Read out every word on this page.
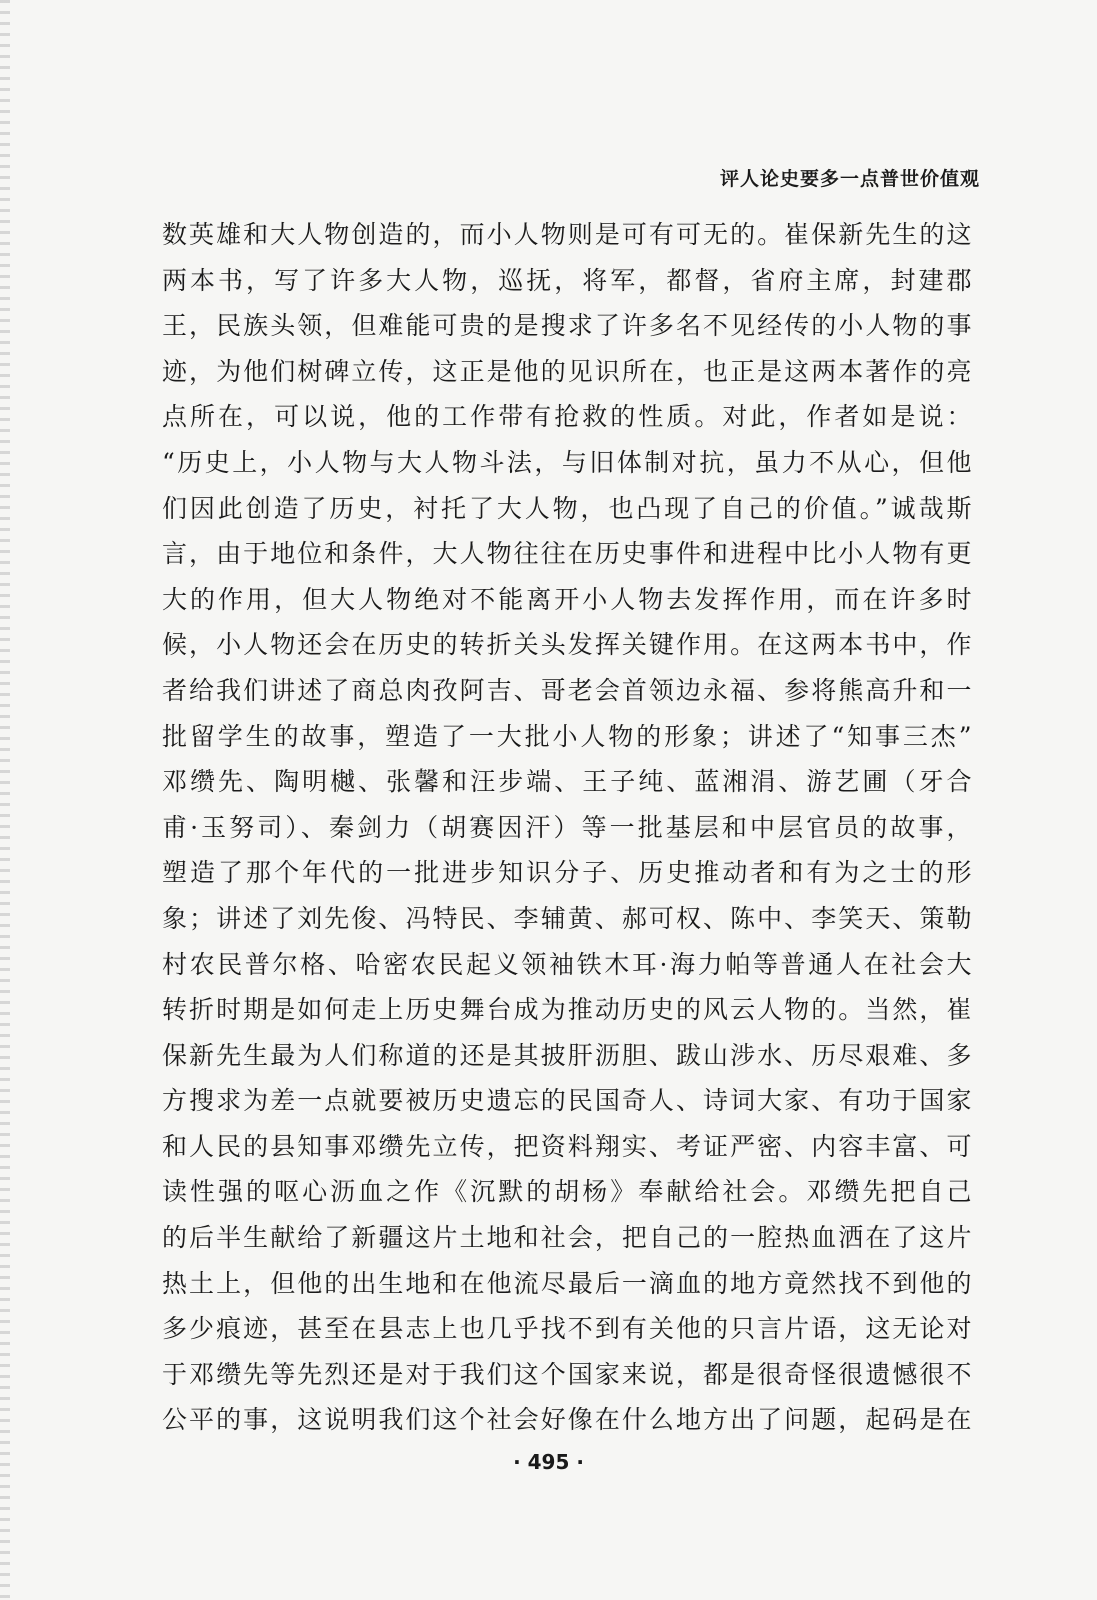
评人论史要多一点普世价值观
数英雄和大人物创造的，而小人物则是可有可无的。崔保新先生的这
两本书，写了许多大人物，巡抚，将军，都督，省府主席，封建郡
王，民族头领，但难能可贵的是搜求了许多名不见经传的小人物的事
迹，为他们树碑立传，这正是他的见识所在，也正是这两本著作的亮
点所在，可以说，他的工作带有抢救的性质。对此，作者如是说：
“历史上，小人物与大人物斗法，与旧体制对抗，虽力不从心，但他
们因此创造了历史，衬托了大人物，也凸现了自己的价值。”诚哉斯
言，由于地位和条件，大人物往往在历史事件和进程中比小人物有更
大的作用，但大人物绝对不能离开小人物去发挥作用，而在许多时
候，小人物还会在历史的转折关头发挥关键作用。在这两本书中，作
者给我们讲述了商总肉孜阿吉、哥老会首领边永福、参将熊高升和一
批留学生的故事，塑造了一大批小人物的形象；讲述了“知事三杰”
邓缵先、陶明樾、张馨和汪步端、王子纯、蓝湘涓、游艺圃（牙合
甫·玉努司）、秦剑力（胡赛因汗）等一批基层和中层官员的故事，
塑造了那个年代的一批进步知识分子、历史推动者和有为之士的形
象；讲述了刘先俊、冯特民、李辅黄、郝可权、陈中、李笑天、策勒
村农民普尔格、哈密农民起义领袖铁木耳·海力帕等普通人在社会大
转折时期是如何走上历史舞台成为推动历史的风云人物的。当然，崔
保新先生最为人们称道的还是其披肝沥胆、跋山涉水、历尽艰难、多
方搜求为差一点就要被历史遗忘的民国奇人、诗词大家、有功于国家
和人民的县知事邓缵先立传，把资料翔实、考证严密、内容丰富、可
读性强的呕心沥血之作《沉默的胡杨》奉献给社会。邓缵先把自己
的后半生献给了新疆这片土地和社会，把自己的一腔热血洒在了这片
热土上，但他的出生地和在他流尽最后一滴血的地方竟然找不到他的
多少痕迹，甚至在县志上也几乎找不到有关他的只言片语，这无论对
于邓缵先等先烈还是对于我们这个国家来说，都是很奇怪很遗憾很不
公平的事，这说明我们这个社会好像在什么地方出了问题，起码是在
· 495 ·
